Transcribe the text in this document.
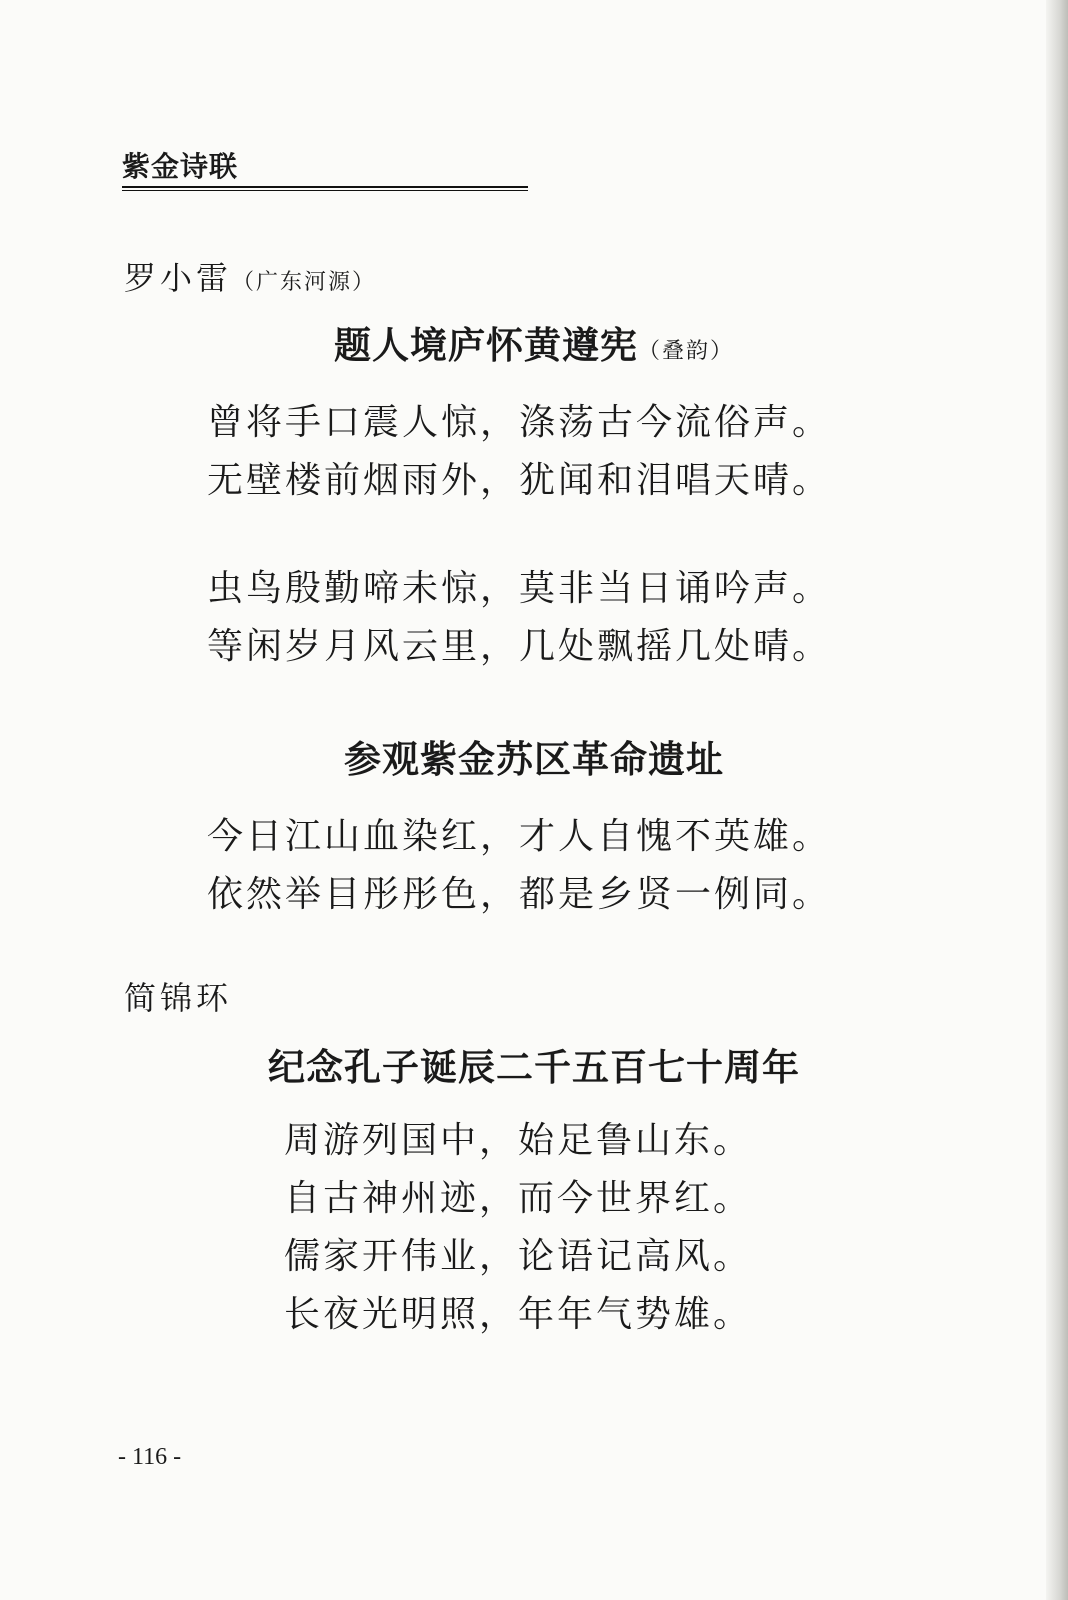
紫金诗联
罗小雷（广东河源）
题人境庐怀黄遵宪（叠韵）
曾将手口震人惊，涤荡古今流俗声。
无壁楼前烟雨外，犹闻和泪唱天晴。
虫鸟殷勤啼未惊，莫非当日诵吟声。
等闲岁月风云里，几处飘摇几处晴。
参观紫金苏区革命遗址
今日江山血染红，才人自愧不英雄。
依然举目彤彤色，都是乡贤一例同。
简锦环
纪念孔子诞辰二千五百七十周年
周游列国中，始足鲁山东。
自古神州迹，而今世界红。
儒家开伟业，论语记高风。
长夜光明照，年年气势雄。
- 116 -
